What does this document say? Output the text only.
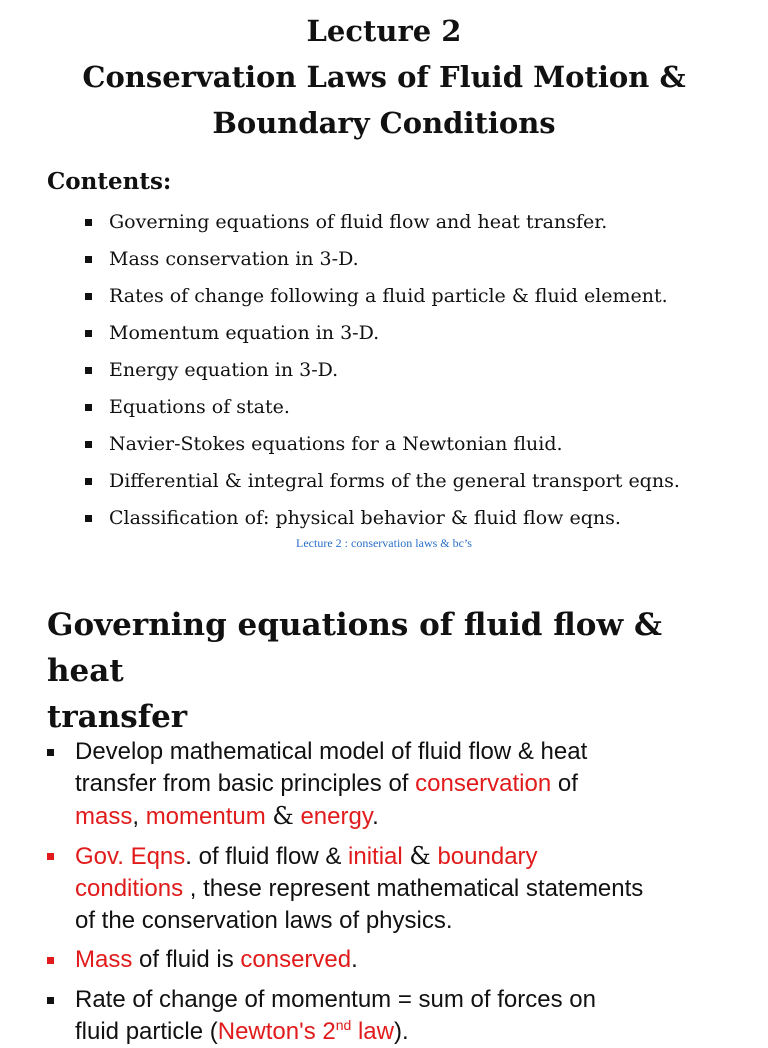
Lecture 2
Conservation Laws of Fluid Motion &
Boundary Conditions
Contents:
Governing equations of fluid flow and heat transfer.
Mass conservation in 3-D.
Rates of change following a fluid particle & fluid element.
Momentum equation in 3-D.
Energy equation in 3-D.
Equations of state.
Navier-Stokes equations for a Newtonian fluid.
Differential & integral forms of the general transport eqns.
Classification of: physical behavior & fluid flow eqns.
Lecture 2 : conservation laws & bc’s
Governing equations of fluid flow & heat
transfer
Develop mathematical model of fluid flow & heat
transfer from basic principles of conservation of
mass, momentum & energy.
Gov. Eqns. of fluid flow & initial & boundary
conditions , these represent mathematical statements
of the conservation laws of physics.
Mass of fluid is conserved.
Rate of change of momentum = sum of forces on
fluid particle (Newton's 2nd law).
